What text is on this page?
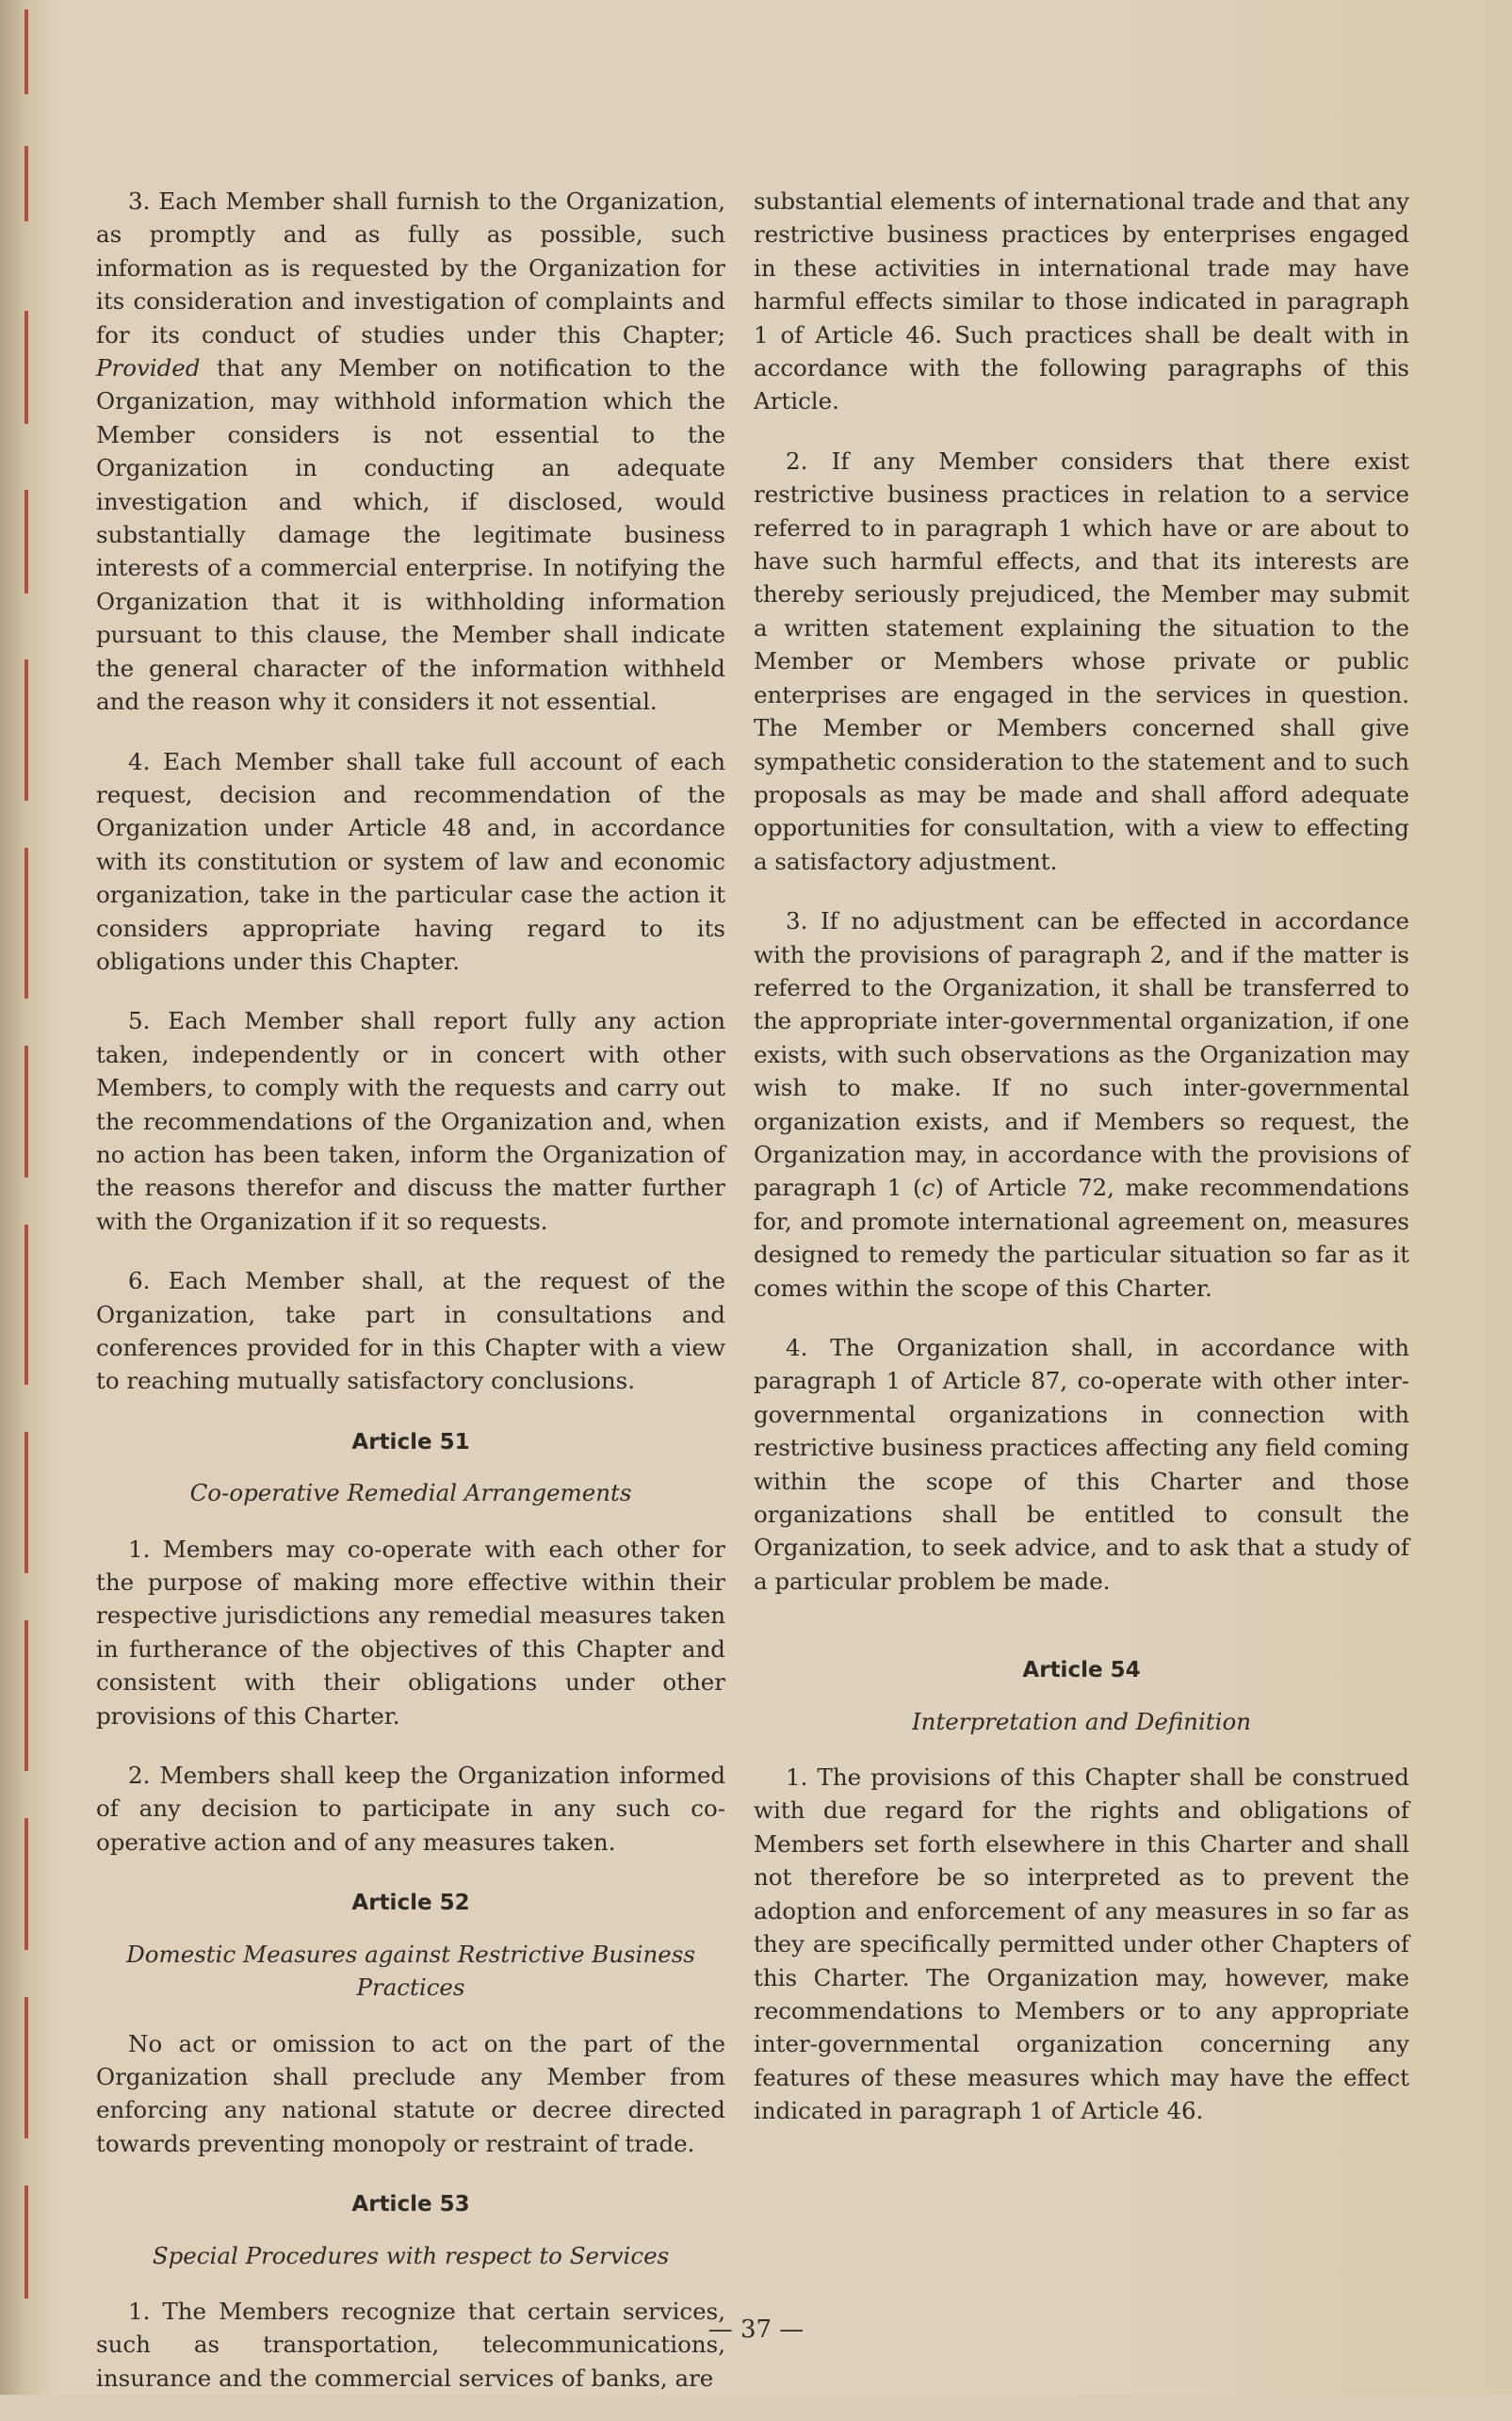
3. Each Member shall furnish to the Organization, as promptly and as fully as possible, such information as is requested by the Organization for its consideration and investigation of complaints and for its conduct of studies under this Chapter; Provided that any Member on notification to the Organization, may withhold information which the Member considers is not essential to the Organization in conducting an adequate investigation and which, if disclosed, would substantially damage the legitimate business interests of a commercial enterprise. In notifying the Organization that it is withholding information pursuant to this clause, the Member shall indicate the general character of the information withheld and the reason why it considers it not essential.

4. Each Member shall take full account of each request, decision and recommendation of the Organization under Article 48 and, in accordance with its constitution or system of law and economic organization, take in the particular case the action it considers appropriate having regard to its obligations under this Chapter.

5. Each Member shall report fully any action taken, independently or in concert with other Members, to comply with the requests and carry out the recommendations of the Organization and, when no action has been taken, inform the Organization of the reasons therefor and discuss the matter further with the Organization if it so requests.

6. Each Member shall, at the request of the Organization, take part in consultations and conferences provided for in this Chapter with a view to reaching mutually satisfactory conclusions.

Article 51
Co-operative Remedial Arrangements

1. Members may co-operate with each other for the purpose of making more effective within their respective jurisdictions any remedial measures taken in furtherance of the objectives of this Chapter and consistent with their obligations under other provisions of this Charter.

2. Members shall keep the Organization informed of any decision to participate in any such co-operative action and of any measures taken.

Article 52
Domestic Measures against Restrictive Business Practices

No act or omission to act on the part of the Organization shall preclude any Member from enforcing any national statute or decree directed towards preventing monopoly or restraint of trade.

Article 53
Special Procedures with respect to Services

1. The Members recognize that certain services, such as transportation, telecommunications, insurance and the commercial services of banks, are

substantial elements of international trade and that any restrictive business practices by enterprises engaged in these activities in international trade may have harmful effects similar to those indicated in paragraph 1 of Article 46. Such practices shall be dealt with in accordance with the following paragraphs of this Article.

2. If any Member considers that there exist restrictive business practices in relation to a service referred to in paragraph 1 which have or are about to have such harmful effects, and that its interests are thereby seriously prejudiced, the Member may submit a written statement explaining the situation to the Member or Members whose private or public enterprises are engaged in the services in question. The Member or Members concerned shall give sympathetic consideration to the statement and to such proposals as may be made and shall afford adequate opportunities for consultation, with a view to effecting a satisfactory adjustment.

3. If no adjustment can be effected in accordance with the provisions of paragraph 2, and if the matter is referred to the Organization, it shall be transferred to the appropriate inter-governmental organization, if one exists, with such observations as the Organization may wish to make. If no such inter-governmental organization exists, and if Members so request, the Organization may, in accordance with the provisions of paragraph 1 (c) of Article 72, make recommendations for, and promote international agreement on, measures designed to remedy the particular situation so far as it comes within the scope of this Charter.

4. The Organization shall, in accordance with paragraph 1 of Article 87, co-operate with other inter-governmental organizations in connection with restrictive business practices affecting any field coming within the scope of this Charter and those organizations shall be entitled to consult the Organization, to seek advice, and to ask that a study of a particular problem be made.

Article 54
Interpretation and Definition

1. The provisions of this Chapter shall be construed with due regard for the rights and obligations of Members set forth elsewhere in this Charter and shall not therefore be so interpreted as to prevent the adoption and enforcement of any measures in so far as they are specifically permitted under other Chapters of this Charter. The Organization may, however, make recommendations to Members or to any appropriate inter-governmental organization concerning any features of these measures which may have the effect indicated in paragraph 1 of Article 46.

— 37 —
